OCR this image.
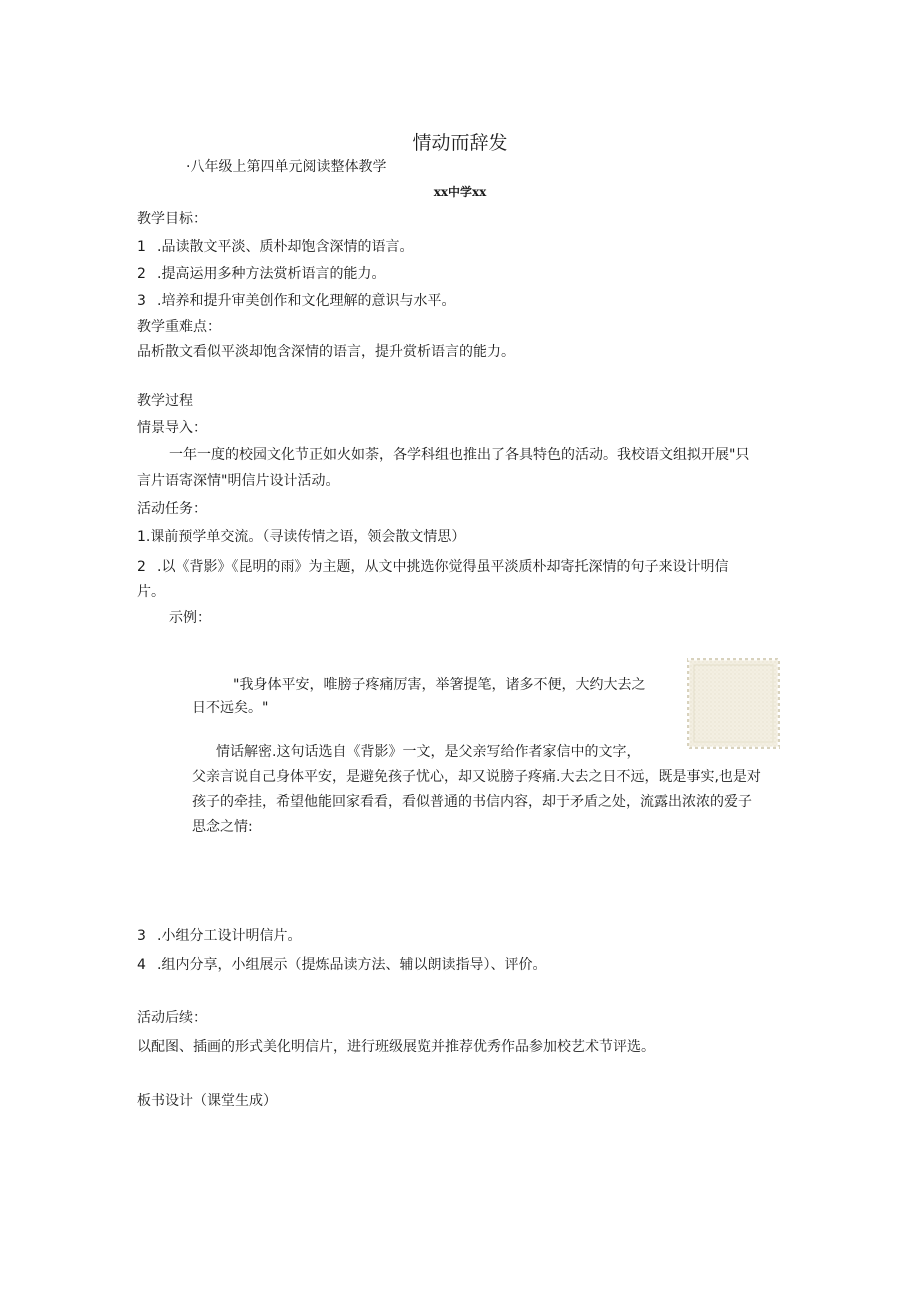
情动而辞发
·八年级上第四单元阅读整体教学
xx中学xx
教学目标：
1 .品读散文平淡、质朴却饱含深情的语言。
2 .提高运用多种方法赏析语言的能力。
3 .培养和提升审美创作和文化理解的意识与水平。
教学重难点：
品析散文看似平淡却饱含深情的语言，提升赏析语言的能力。
教学过程
情景导入：
一年一度的校园文化节正如火如荼，各学科组也推出了各具特色的活动。我校语文组拟开展"只
言片语寄深情"明信片设计活动。
活动任务：
1.课前预学单交流。（寻读传情之语，领会散文情思）
2 .以《背影》《昆明的雨》为主题，从文中挑选你觉得虽平淡质朴却寄托深情的句子来设计明信
片。
示例：
"我身体平安，唯膀子疼痛厉害，举箸提笔，诸多不便，大约大去之
日不远矣。"
情话解密.这句话选自《背影》一文，是父亲写给作者家信中的文字，
父亲言说自己身体平安，是避免孩子忧心，却又说膀子疼痛.大去之日不远，既是事实,也是对
孩子的牵挂，希望他能回家看看，看似普通的书信内容，却于矛盾之处，流露出浓浓的爱子
思念之情:
3 .小组分工设计明信片。
4 .组内分享，小组展示（提炼品读方法、辅以朗读指导）、评价。
活动后续：
以配图、插画的形式美化明信片，进行班级展览并推荐优秀作品参加校艺术节评选。
板书设计（课堂生成）
